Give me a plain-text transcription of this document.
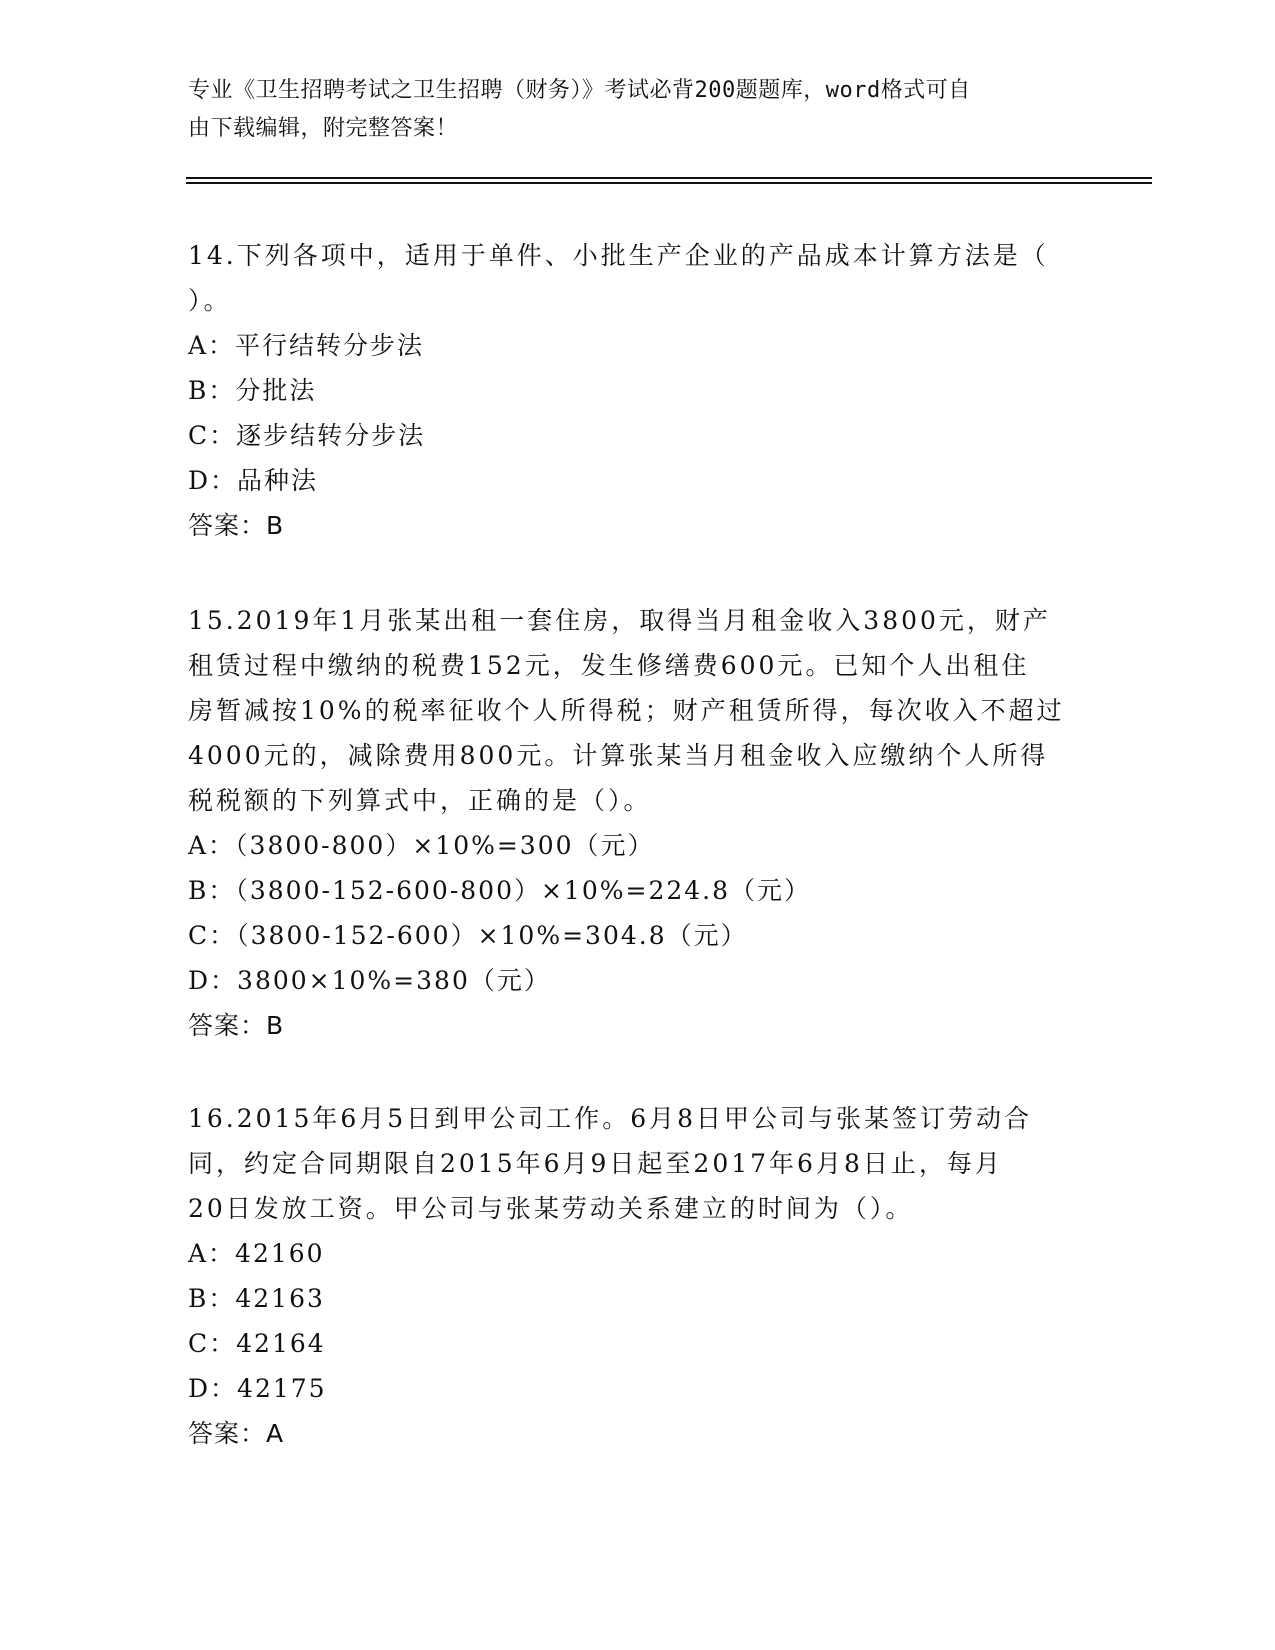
专业《卫生招聘考试之卫生招聘（财务）》考试必背200题题库，word格式可自
由下载编辑，附完整答案！
14.下列各项中，适用于单件、小批生产企业的产品成本计算方法是（
）。
A：平行结转分步法
B：分批法
C：逐步结转分步法
D：品种法
答案：B
15.2019年1月张某出租一套住房，取得当月租金收入3800元，财产
租赁过程中缴纳的税费152元，发生修缮费600元。已知个人出租住
房暂减按10%的税率征收个人所得税；财产租赁所得，每次收入不超过
4000元的，减除费用800元。计算张某当月租金收入应缴纳个人所得
税税额的下列算式中，正确的是（）。
A：（3800-800）×10%=300（元）
B：（3800-152-600-800）×10%=224.8（元）
C：（3800-152-600）×10%=304.8（元）
D：3800×10%=380（元）
答案：B
16.2015年6月5日到甲公司工作。6月8日甲公司与张某签订劳动合
同，约定合同期限自2015年6月9日起至2017年6月8日止，每月
20日发放工资。甲公司与张某劳动关系建立的时间为（）。
A：42160
B：42163
C：42164
D：42175
答案：A
